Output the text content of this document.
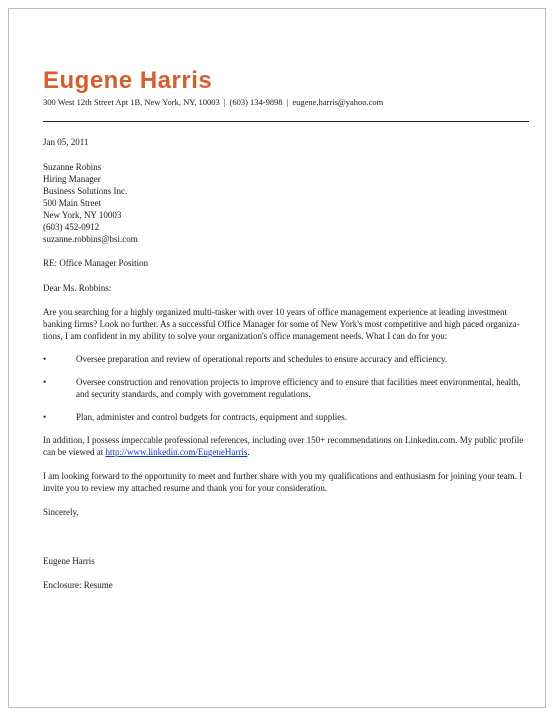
Eugene Harris
300 West 12th Street Apt 1B, New York, NY, 10003 | (603) 134-9898 | eugene.harris@yahoo.com

Jan 05, 2011

Suzanne Robins
Hiring Manager
Business Solutions Inc.
500 Main Street
New York, NY 10003
(603) 452-0912
suzanne.robbins@bsi.com

RE: Office Manager Position

Dear Ms. Robbins:

Are you searching for a highly organized multi-tasker with over 10 years of office management experience at leading investment
banking firms? Look no further. As a successful Office Manager for some of New York's most competitive and high paced organiza-
tions, I am confident in my ability to solve your organization's office management needs. What I can do for you:
•	Oversee preparation and review of operational reports and schedules to ensure accuracy and efficiency.
•	Oversee construction and renovation projects to improve efficiency and to ensure that facilities meet environmental, health,
and security standards, and comply with government regulations.
•	Plan, administer and control budgets for contracts, equipment and supplies.
In addition, I possess impeccable professional references, including over 150+ recommendations on Linkedin.com. My public profile
can be viewed at http://www.linkedin.com/EugeneHarris.
I am looking forward to the opportunity to meet and further share with you my qualifications and enthusiasm for joining your team. I
invite you to review my attached resume and thank you for your consideration.

Sincerely,

Eugene Harris

Enclosure: Resume
